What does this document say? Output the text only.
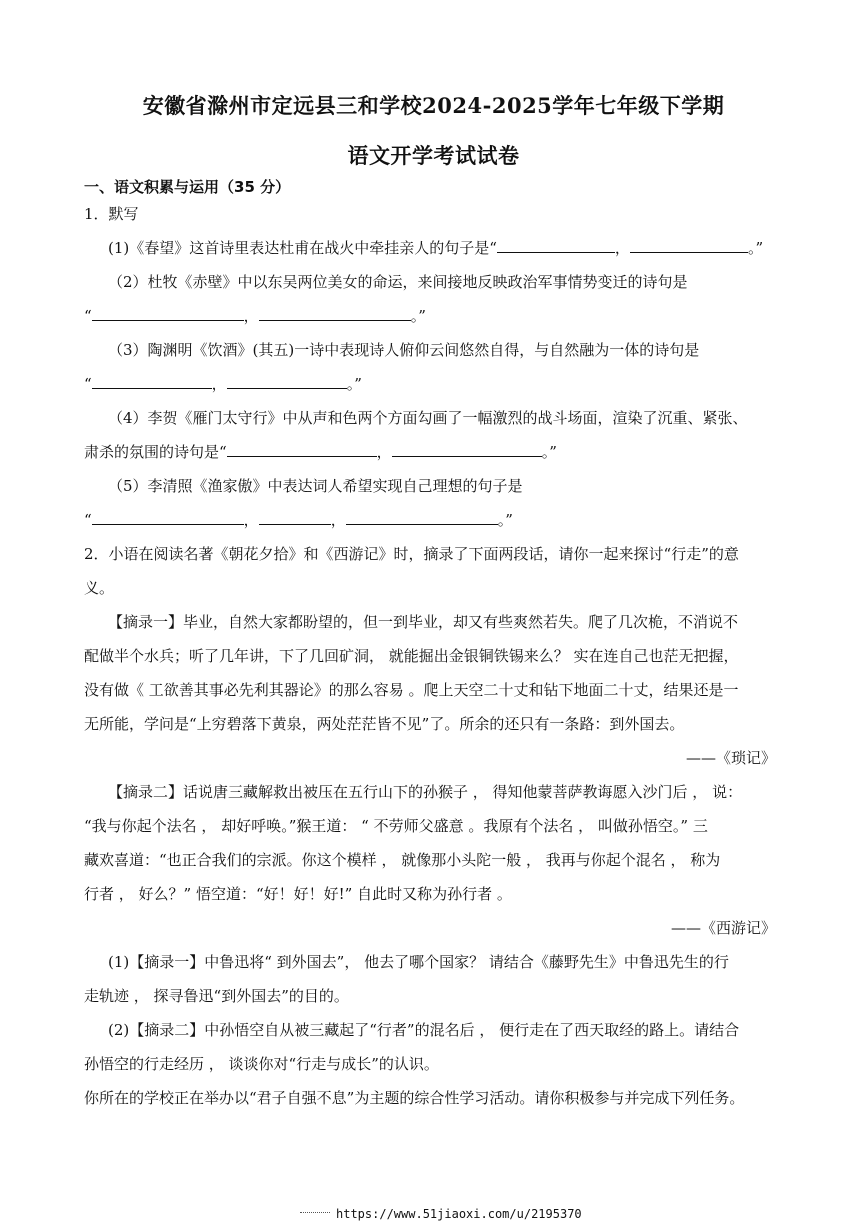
安徽省滁州市定远县三和学校2024-2025学年七年级下学期
语文开学考试试卷
一、语文积累与运用（35 分）
1．默写
(1)《春望》这首诗里表达杜甫在战火中牵挂亲人的句子是“	，	。”
（2）杜牧《赤壁》中以东吴两位美女的命运，来间接地反映政治军事情势变迁的诗句是
“	，	。”
（3）陶渊明《饮酒》(其五)一诗中表现诗人俯仰云间悠然自得，与自然融为一体的诗句是
“	，	。”
（4）李贺《雁门太守行》中从声和色两个方面勾画了一幅激烈的战斗场面，渲染了沉重、紧张、
肃杀的氛围的诗句是“	，	。”
（5）李清照《渔家傲》中表达词人希望实现自己理想的句子是
“	，	，	。”
2．小语在阅读名著《朝花夕拾》和《西游记》时，摘录了下面两段话，请你一起来探讨“行走”的意
义。
【摘录一】毕业，自然大家都盼望的，但一到毕业，却又有些爽然若失。爬了几次桅，不消说不
配做半个水兵；听了几年讲，下了几回矿洞， 就能掘出金银铜铁锡来么？ 实在连自己也茫无把握，
没有做《 工欲善其事必先利其器论》的那么容易 。爬上天空二十丈和钻下地面二十丈，结果还是一
无所能，学问是“上穷碧落下黄泉，两处茫茫皆不见”了。所余的还只有一条路：到外国去。
——《琐记》
【摘录二】话说唐三藏解救出被压在五行山下的孙猴子 ， 得知他蒙菩萨教诲愿入沙门后 ， 说：
“我与你起个法名 ， 却好呼唤。”猴王道： “ 不劳师父盛意 。我原有个法名 ， 叫做孙悟空。” 三
藏欢喜道：“也正合我们的宗派。你这个模样 ， 就像那小头陀一般 ， 我再与你起个混名 ， 称为
行者 ， 好么？” 悟空道：“好！好！好!” 自此时又称为孙行者 。
——《西游记》
(1)【摘录一】中鲁迅将“ 到外国去”， 他去了哪个国家？ 请结合《藤野先生》中鲁迅先生的行
走轨迹 ， 探寻鲁迅“到外国去”的目的。
(2)【摘录二】中孙悟空自从被三藏起了“行者”的混名后 ， 便行走在了西天取经的路上。请结合
孙悟空的行走经历 ， 谈谈你对“行走与成长”的认识。
你所在的学校正在举办以“君子自强不息”为主题的综合性学习活动。请你积极参与并完成下列任务。
https://www.51jiaoxi.com/u/2195370
